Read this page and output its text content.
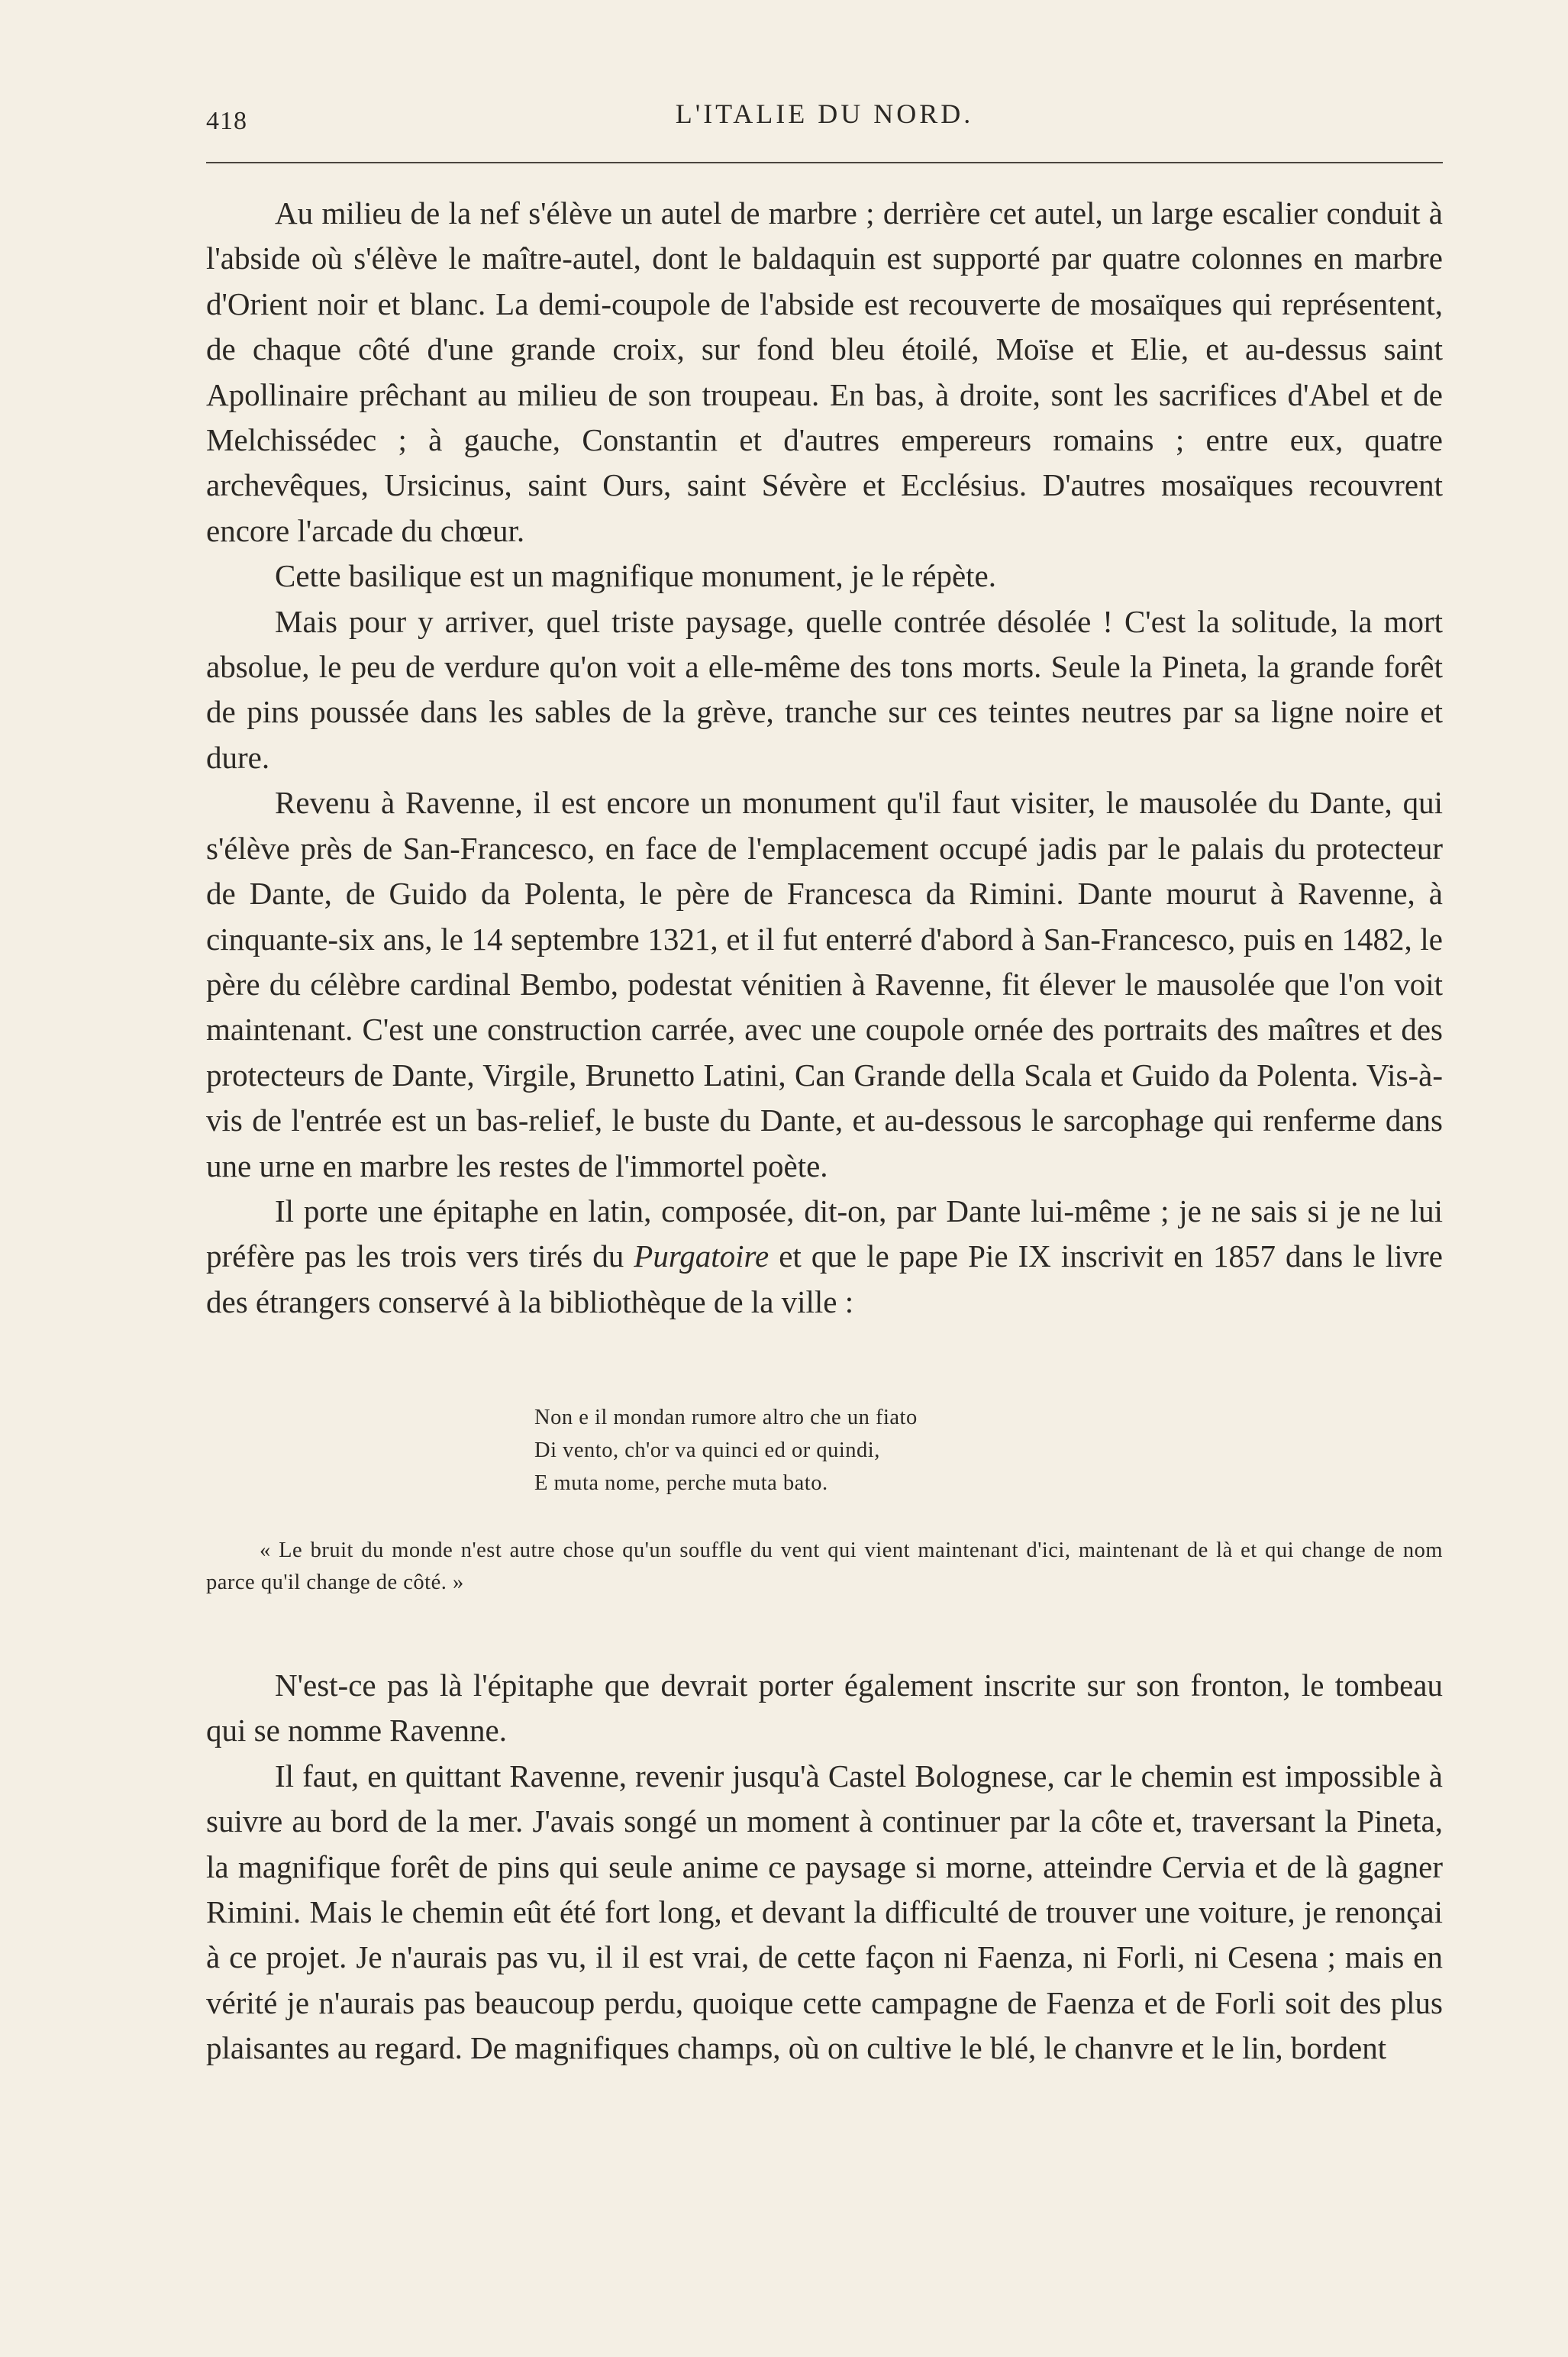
418	L'ITALIE DU NORD.

Au milieu de la nef s'élève un autel de marbre ; derrière cet autel, un large escalier conduit à l'abside où s'élève le maître-autel, dont le baldaquin est supporté par quatre colonnes en marbre d'Orient noir et blanc. La demi-coupole de l'abside est recouverte de mosaïques qui représentent, de chaque côté d'une grande croix, sur fond bleu étoilé, Moïse et Elie, et au-dessus saint Apollinaire prêchant au milieu de son troupeau. En bas, à droite, sont les sacrifices d'Abel et de Melchissédec ; à gauche, Constantin et d'autres empereurs romains ; entre eux, quatre archevêques, Ursicinus, saint Ours, saint Sévère et Ecclésius. D'autres mosaïques recouvrent encore l'arcade du chœur.

Cette basilique est un magnifique monument, je le répète.

Mais pour y arriver, quel triste paysage, quelle contrée désolée ! C'est la solitude, la mort absolue, le peu de verdure qu'on voit a elle-même des tons morts. Seule la Pineta, la grande forêt de pins poussée dans les sables de la grève, tranche sur ces teintes neutres par sa ligne noire et dure.

Revenu à Ravenne, il est encore un monument qu'il faut visiter, le mausolée du Dante, qui s'élève près de San-Francesco, en face de l'emplacement occupé jadis par le palais du protecteur de Dante, de Guido da Polenta, le père de Francesca da Rimini. Dante mourut à Ravenne, à cinquante-six ans, le 14 septembre 1321, et il fut enterré d'abord à San-Francesco, puis en 1482, le père du célèbre cardinal Bembo, podestat vénitien à Ravenne, fit élever le mausolée que l'on voit maintenant. C'est une construction carrée, avec une coupole ornée des portraits des maîtres et des protecteurs de Dante, Virgile, Brunetto Latini, Can Grande della Scala et Guido da Polenta. Vis-à-vis de l'entrée est un bas-relief, le buste du Dante, et au-dessous le sarcophage qui renferme dans une urne en marbre les restes de l'immortel poète.

Il porte une épitaphe en latin, composée, dit-on, par Dante lui-même ; je ne sais si je ne lui préfère pas les trois vers tirés du Purgatoire et que le pape Pie IX inscrivit en 1857 dans le livre des étrangers conservé à la bibliothèque de la ville :

Non e il mondan rumore altro che un fiato
Di vento, ch'or va quinci ed or quindi,
E muta nome, perche muta bato.
« Le bruit du monde n'est autre chose qu'un souffle du vent qui vient maintenant d'ici, maintenant de là et qui change de nom parce qu'il change de côté. »

N'est-ce pas là l'épitaphe que devrait porter également inscrite sur son fronton, le tombeau qui se nomme Ravenne.

Il faut, en quittant Ravenne, revenir jusqu'à Castel Bolognese, car le chemin est impossible à suivre au bord de la mer. J'avais songé un moment à continuer par la côte et, traversant la Pineta, la magnifique forêt de pins qui seule anime ce paysage si morne, atteindre Cervia et de là gagner Rimini. Mais le chemin eût été fort long, et devant la difficulté de trouver une voiture, je renonçai à ce projet. Je n'aurais pas vu, il il est vrai, de cette façon ni Faenza, ni Forli, ni Cesena ; mais en vérité je n'aurais pas beaucoup perdu, quoique cette campagne de Faenza et de Forli soit des plus plaisantes au regard. De magnifiques champs, où on cultive le blé, le chanvre et le lin, bordent
